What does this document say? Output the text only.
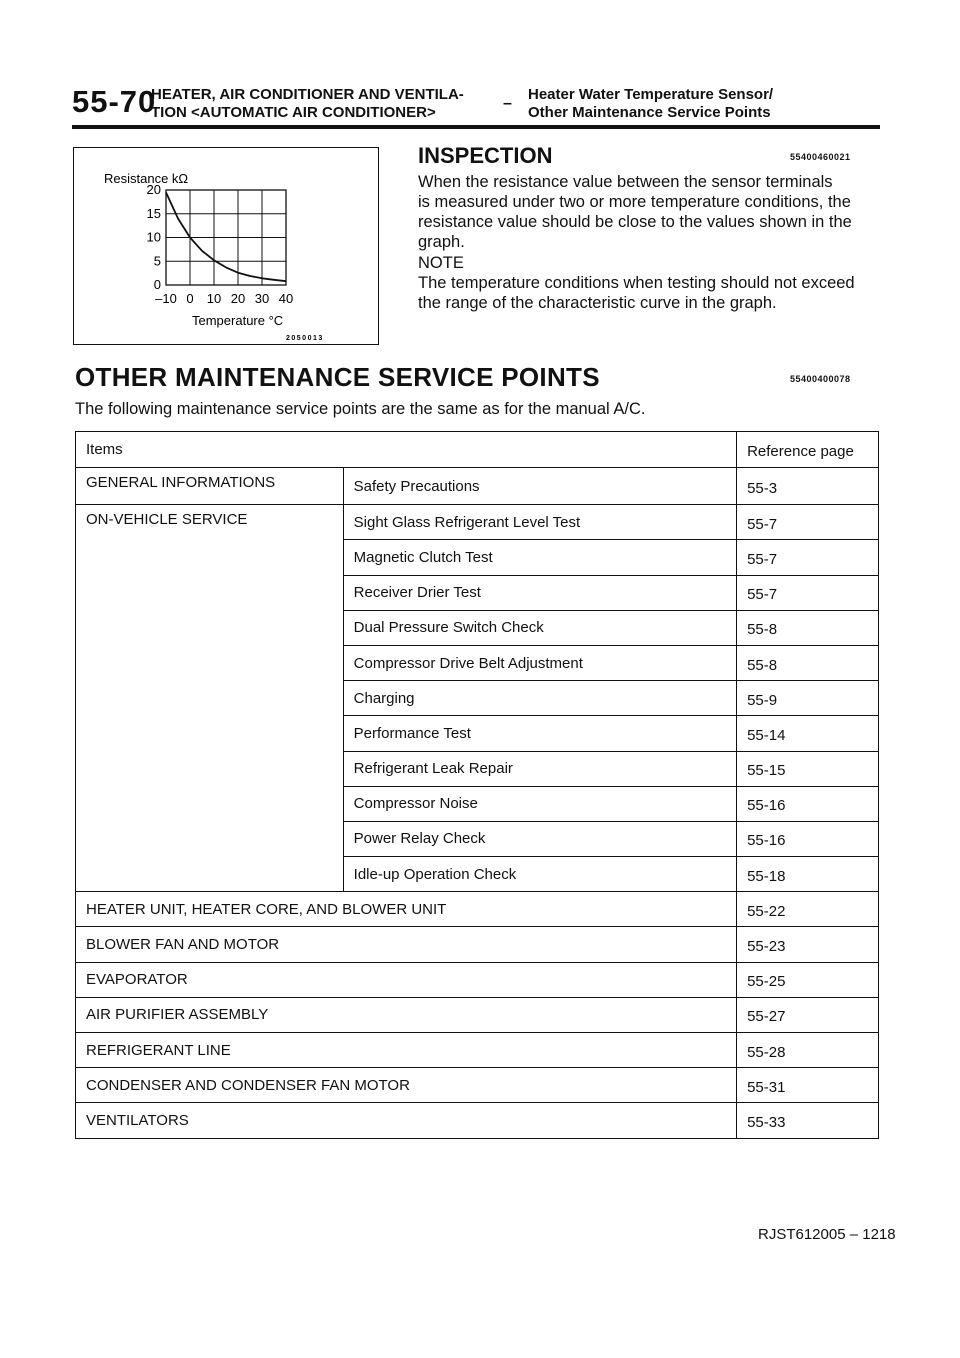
55-70
HEATER, AIR CONDITIONER AND VENTILA-
TION <AUTOMATIC AIR CONDITIONER>
–
Heater Water Temperature Sensor/
Other Maintenance Service Points
Resistance kΩ
Temperature °C
2050013
20
15
10
5
0
–10 0 10 20 30 40
INSPECTION	55400460021
When the resistance value between the sensor terminals
is measured under two or more temperature conditions, the
resistance value should be close to the values shown in the
graph.
NOTE
The temperature conditions when testing should not exceed
the range of the characteristic curve in the graph.
OTHER MAINTENANCE SERVICE POINTS	55400400078
The following maintenance service points are the same as for the manual A/C.
Items		Reference page
GENERAL INFORMATIONS	Safety Precautions	55-3
ON-VEHICLE SERVICE	Sight Glass Refrigerant Level Test	55-7
	Magnetic Clutch Test	55-7
	Receiver Drier Test	55-7
	Dual Pressure Switch Check	55-8
	Compressor Drive Belt Adjustment	55-8
	Charging	55-9
	Performance Test	55-14
	Refrigerant Leak Repair	55-15
	Compressor Noise	55-16
	Power Relay Check	55-16
	Idle-up Operation Check	55-18
HEATER UNIT, HEATER CORE, AND BLOWER UNIT		55-22
BLOWER FAN AND MOTOR		55-23
EVAPORATOR		55-25
AIR PURIFIER ASSEMBLY		55-27
REFRIGERANT LINE		55-28
CONDENSER AND CONDENSER FAN MOTOR		55-31
VENTILATORS		55-33
RJST612005 – 1218
